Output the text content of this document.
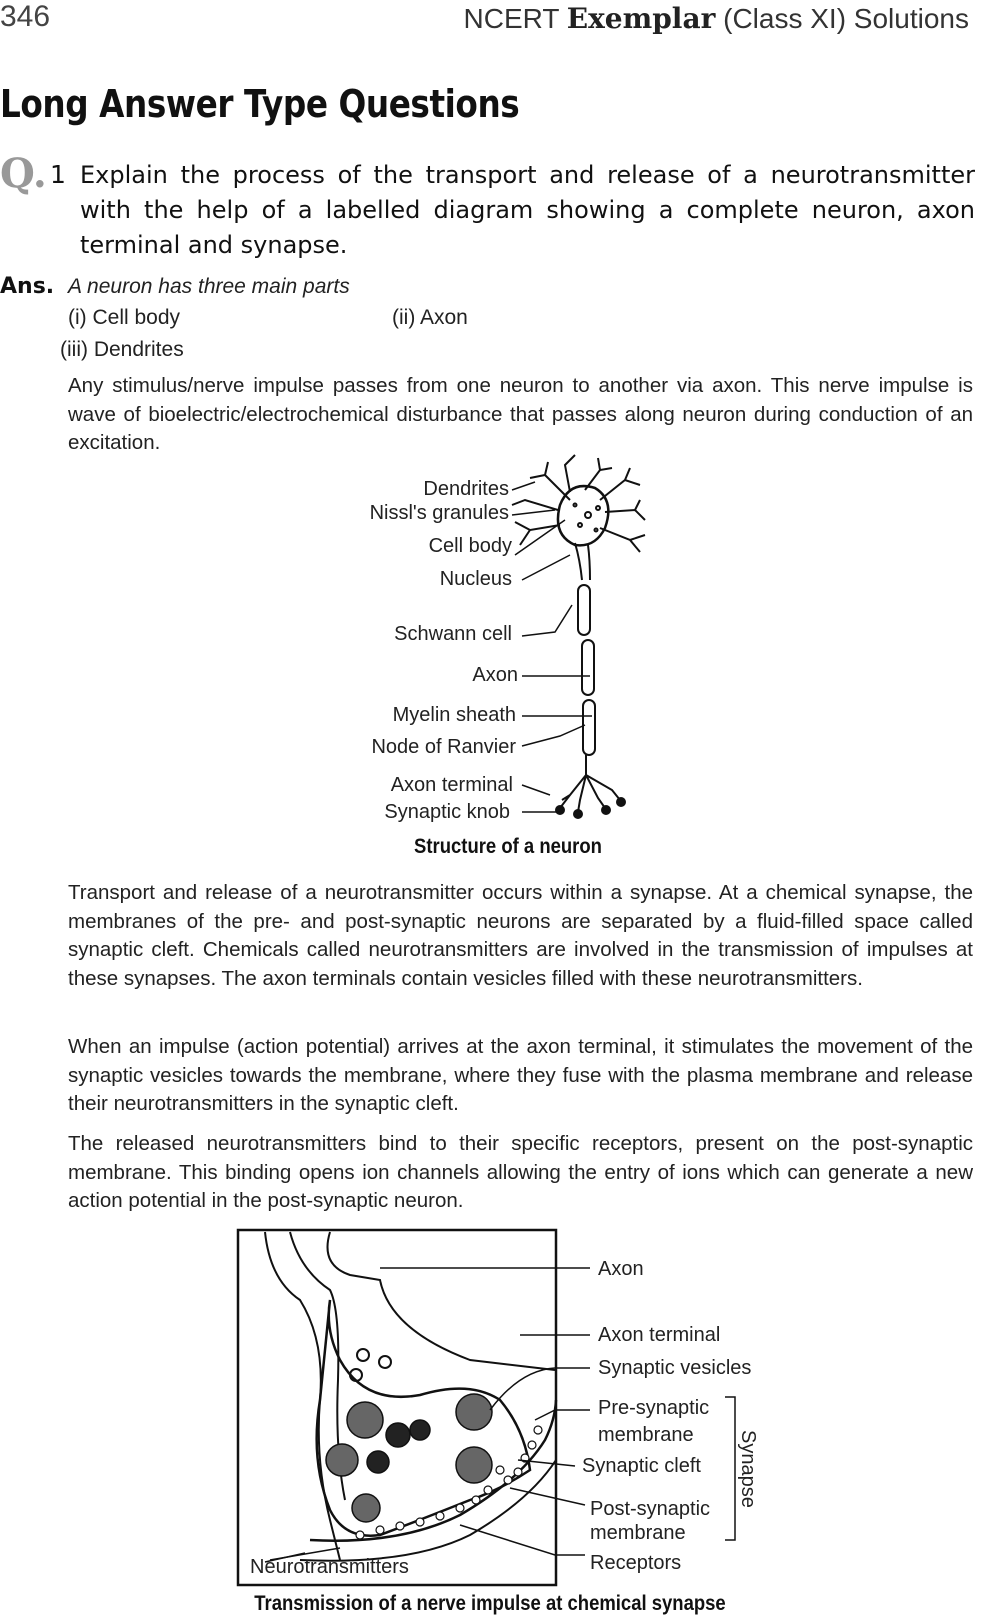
346	NCERT Exemplar (Class XI) Solutions
Long Answer Type Questions
Q. 1 Explain the process of the transport and release of a neurotransmitter with the help of a labelled diagram showing a complete neuron, axon terminal and synapse.
Ans. A neuron has three main parts
(i) Cell body	(ii) Axon
(iii) Dendrites
Any stimulus/nerve impulse passes from one neuron to another via axon. This nerve impulse is wave of bioelectric/electrochemical disturbance that passes along neuron during conduction of an excitation.
Dendrites
Nissl's granules
Cell body
Nucleus
Schwann cell
Axon
Myelin sheath
Node of Ranvier
Axon terminal
Synaptic knob
Structure of a neuron
Transport and release of a neurotransmitter occurs within a synapse. At a chemical synapse, the membranes of the pre- and post-synaptic neurons are separated by a fluid-filled space called synaptic cleft. Chemicals called neurotransmitters are involved in the transmission of impulses at these synapses. The axon terminals contain vesicles filled with these neurotransmitters.
When an impulse (action potential) arrives at the axon terminal, it stimulates the movement of the synaptic vesicles towards the membrane, where they fuse with the plasma membrane and release their neurotransmitters in the synaptic cleft.
The released neurotransmitters bind to their specific receptors, present on the post-synaptic membrane. This binding opens ion channels allowing the entry of ions which can generate a new action potential in the post-synaptic neuron.
Axon
Axon terminal
Synaptic vesicles
Pre-synaptic
membrane
Synaptic cleft
Post-synaptic
membrane
Receptors
Neurotransmitters
Synapse
Transmission of a nerve impulse at chemical synapse
